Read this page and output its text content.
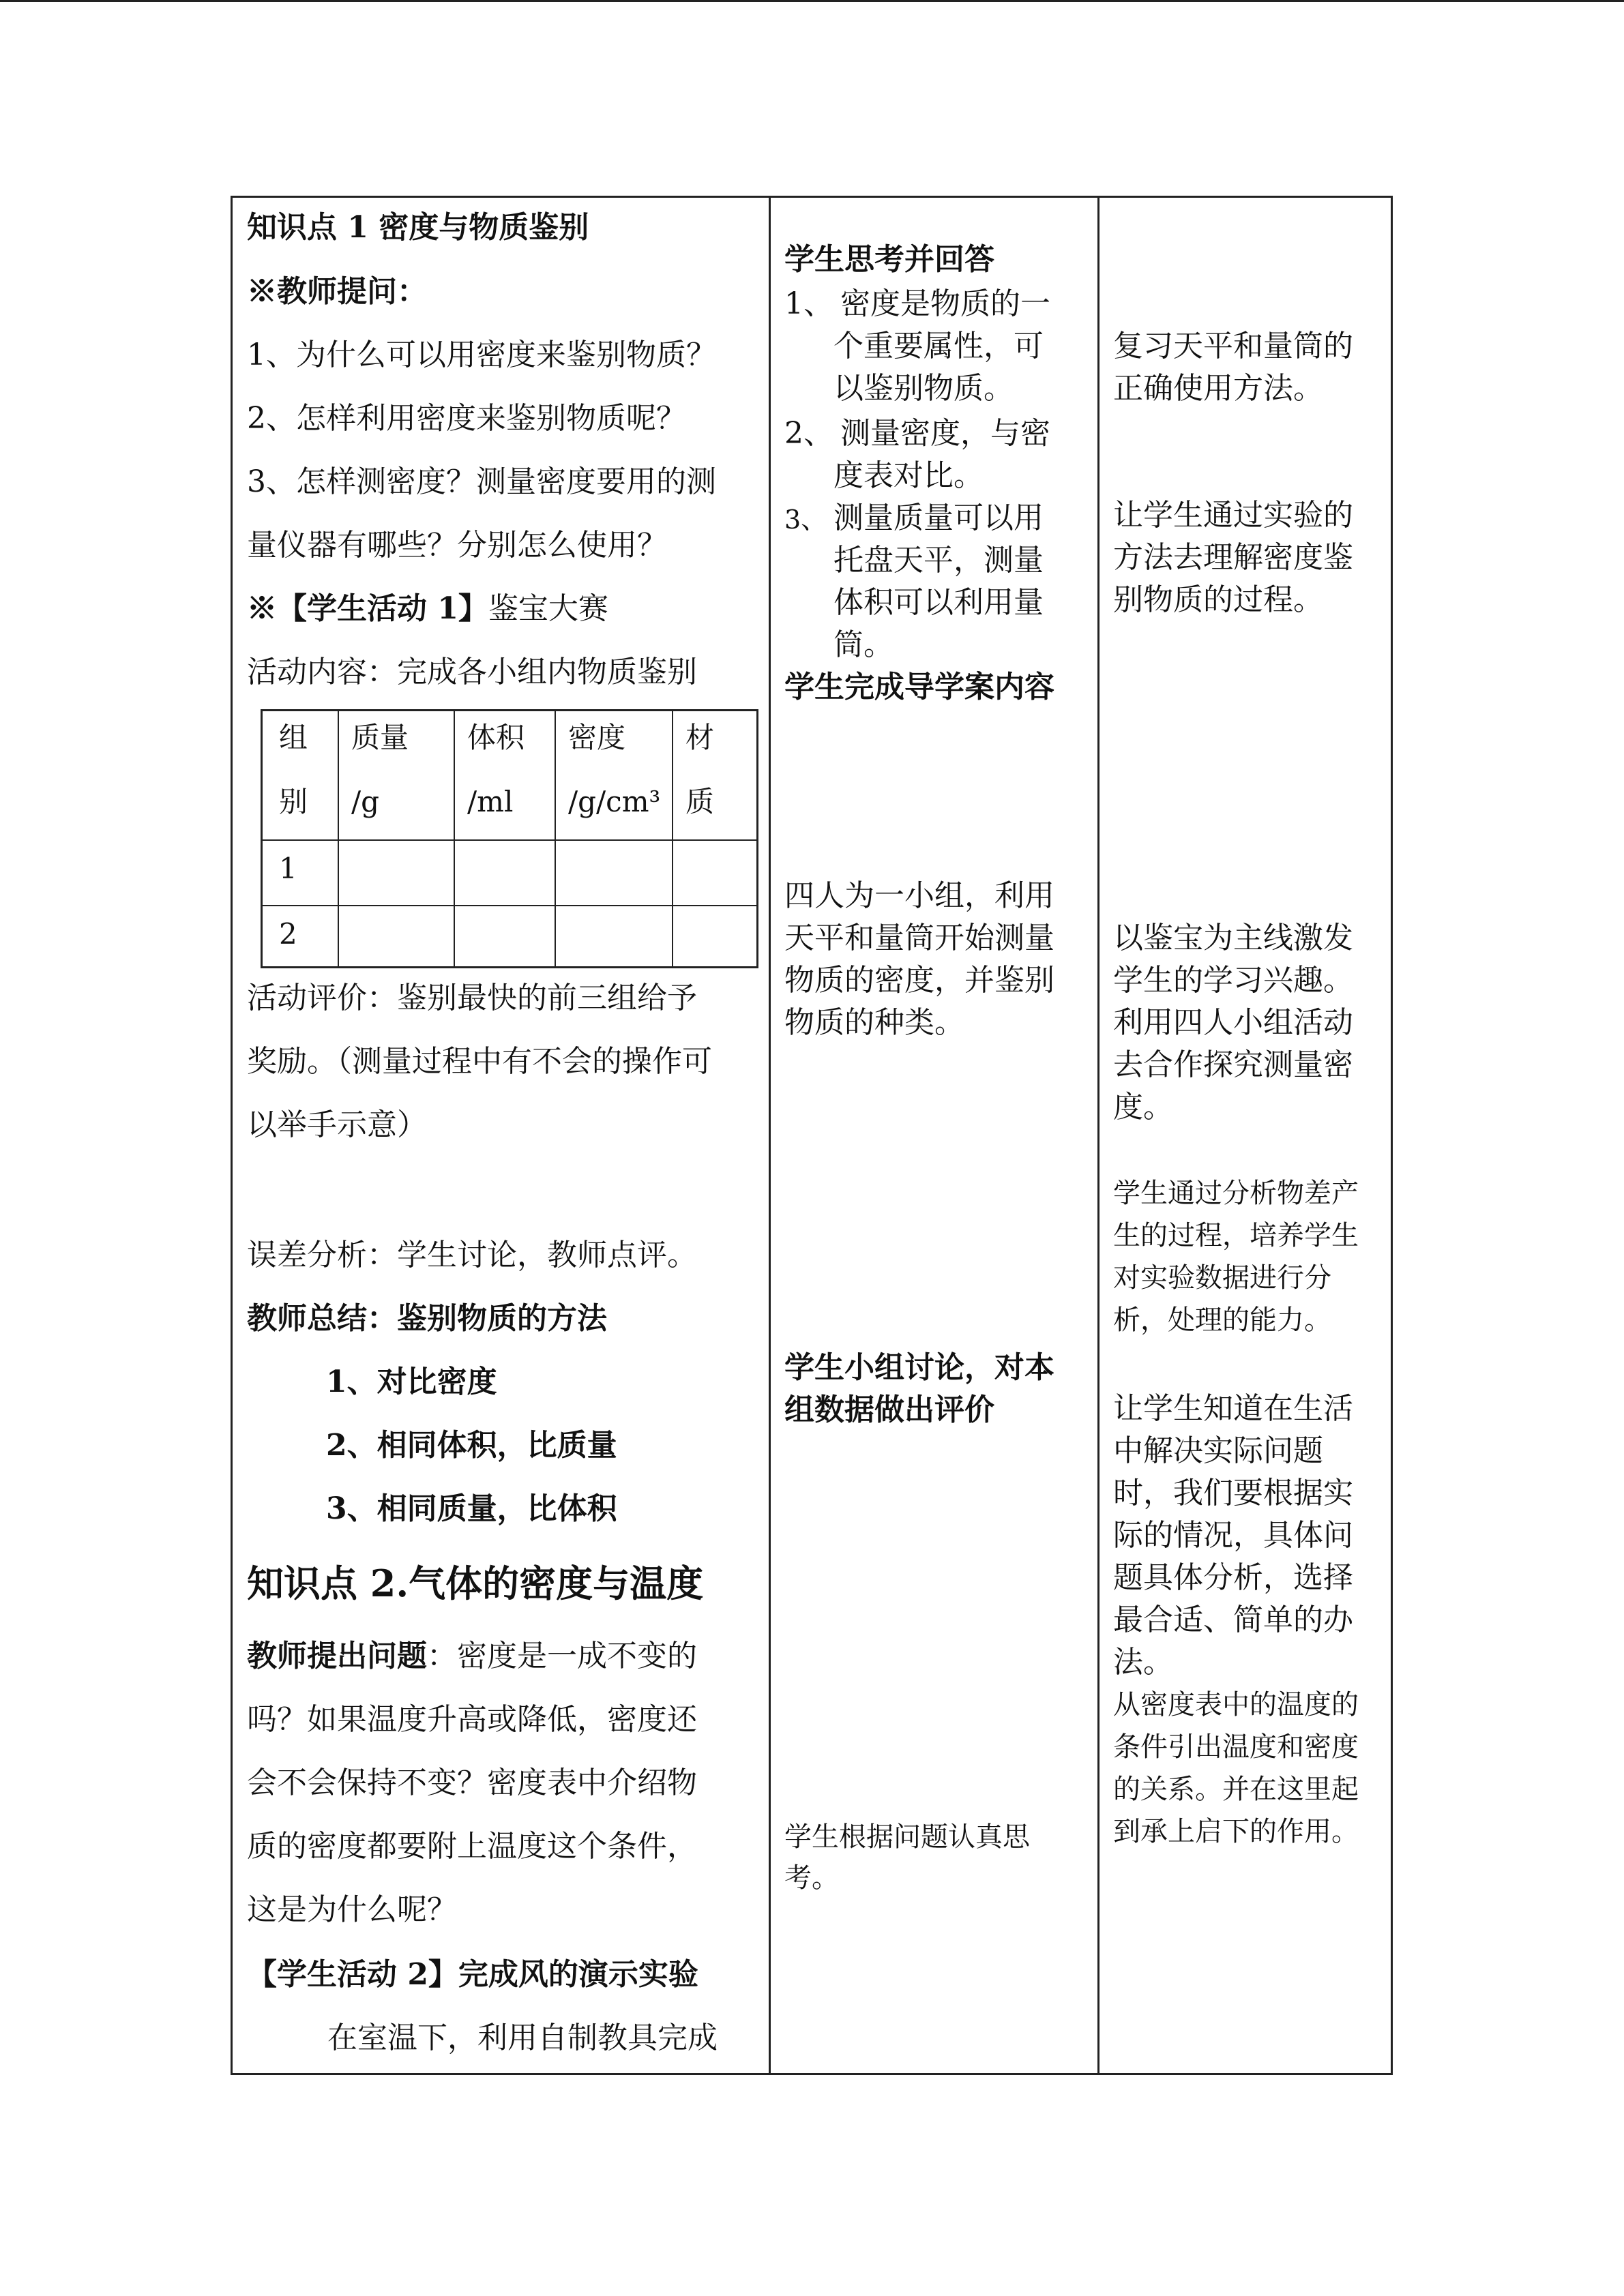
知识点 1 密度与物质鉴别
※教师提问：
1、为什么可以用密度来鉴别物质？
2、怎样利用密度来鉴别物质呢？
3、怎样测密度？测量密度要用的测
量仪器有哪些？分别怎么使用？
※【学生活动 1】鉴宝大赛
活动内容：完成各小组内物质鉴别
组
别
质量
/g
体积
/ml
密度
/g/cm³
材
质
1
2
活动评价：鉴别最快的前三组给予
奖励。（测量过程中有不会的操作可
以举手示意）
误差分析：学生讨论，教师点评。
教师总结：鉴别物质的方法
1、对比密度
2、相同体积，比质量
3、相同质量，比体积
知识点 2.气体的密度与温度
教师提出问题：密度是一成不变的
吗？如果温度升高或降低，密度还
会不会保持不变？密度表中介绍物
质的密度都要附上温度这个条件，
这是为什么呢？
【学生活动 2】完成风的演示实验
在室温下，利用自制教具完成
学生思考并回答
1、 密度是物质的一
个重要属性，可
以鉴别物质。
2、 测量密度，与密
度表对比。
3、 测量质量可以用
托盘天平，测量
体积可以利用量
筒。
学生完成导学案内容
四人为一小组，利用
天平和量筒开始测量
物质的密度，并鉴别
物质的种类。
学生小组讨论，对本
组数据做出评价
学生根据问题认真思
考。
复习天平和量筒的
正确使用方法。
让学生通过实验的
方法去理解密度鉴
别物质的过程。
以鉴宝为主线激发
学生的学习兴趣。
利用四人小组活动
去合作探究测量密
度。
学生通过分析物差产
生的过程，培养学生
对实验数据进行分
析，处理的能力。
让学生知道在生活
中解决实际问题
时，我们要根据实
际的情况，具体问
题具体分析，选择
最合适、简单的办
法。
从密度表中的温度的
条件引出温度和密度
的关系。并在这里起
到承上启下的作用。
